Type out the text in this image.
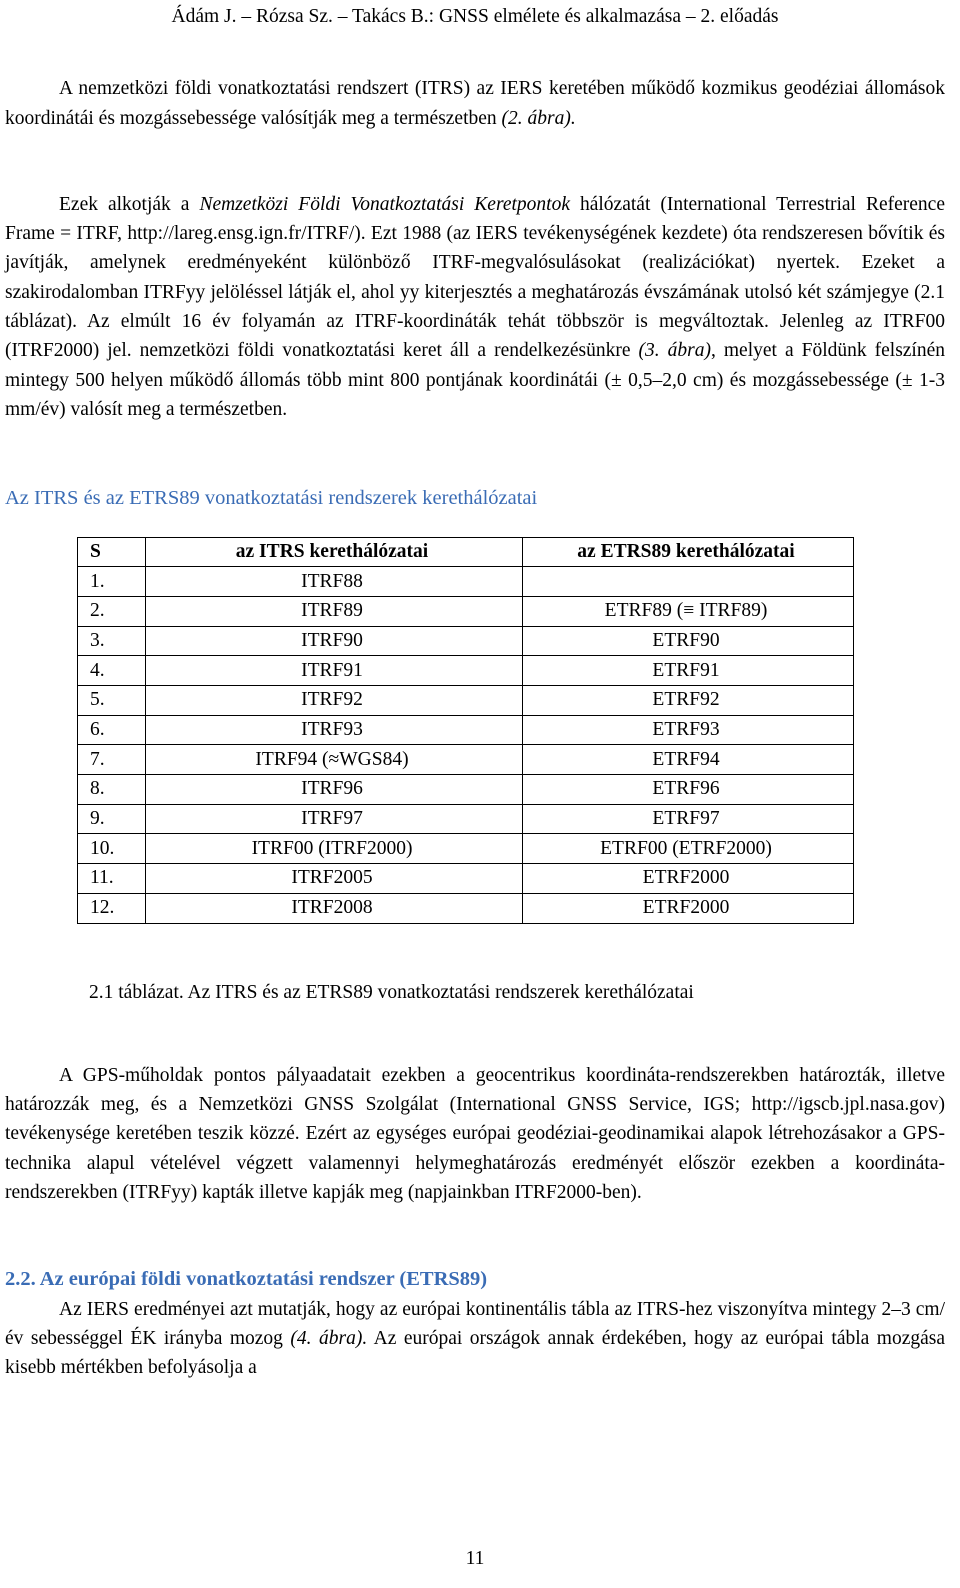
Ádám J. – Rózsa Sz. – Takács B.: GNSS elmélete és alkalmazása – 2. előadás

A nemzetközi földi vonatkoztatási rendszert (ITRS) az IERS keretében működő kozmikus geodéziai állomások koordinátái és mozgássebessége valósítják meg a természetben (2. ábra).

Ezek alkotják a Nemzetközi Földi Vonatkoztatási Keretpontok hálózatát (International Terrestrial Reference Frame = ITRF, http://lareg.ensg.ign.fr/ITRF/). Ezt 1988 (az IERS tevékenységének kezdete) óta rendszeresen bővítik és javítják, amelynek eredményeként különböző ITRF-megvalósulásokat (realizációkat) nyertek. Ezeket a szakirodalomban ITRFyy jelöléssel látják el, ahol yy kiterjesztés a meghatározás évszámának utolsó két számjegye (2.1 táblázat). Az elmúlt 16 év folyamán az ITRF-koordináták tehát többször is megváltoztak. Jelenleg az ITRF00 (ITRF2000) jel. nemzetközi földi vonatkoztatási keret áll a rendelkezésünkre (3. ábra), melyet a Földünk felszínén mintegy 500 helyen működő állomás több mint 800 pontjának koordinátái (± 0,5–2,0 cm) és mozgássebessége (± 1-3 mm/év) valósít meg a természetben.

Az ITRS és az ETRS89 vonatkoztatási rendszerek kerethálózatai
S	az ITRS kerethálózatai	az ETRS89 kerethálózatai
1.	ITRF88	
2.	ITRF89	ETRF89 (≡ ITRF89)
3.	ITRF90	ETRF90
4.	ITRF91	ETRF91
5.	ITRF92	ETRF92
6.	ITRF93	ETRF93
7.	ITRF94 (≈WGS84)	ETRF94
8.	ITRF96	ETRF96
9.	ITRF97	ETRF97
10.	ITRF00 (ITRF2000)	ETRF00 (ETRF2000)
11.	ITRF2005	ETRF2000
12.	ITRF2008	ETRF2000
2.1 táblázat. Az ITRS és az ETRS89 vonatkoztatási rendszerek kerethálózatai

A GPS-műholdak pontos pályaadatait ezekben a geocentrikus koordináta-rendszerekben határozták, illetve határozzák meg, és a Nemzetközi GNSS Szolgálat (International GNSS Service, IGS; http://igscb.jpl.nasa.gov) tevékenysége keretében teszik közzé. Ezért az egységes európai geodéziai-geodinamikai alapok létrehozásakor a GPS-technika alapul vételével végzett valamennyi helymeghatározás eredményét először ezekben a koordináta-rendszerekben (ITRFyy) kapták illetve kapják meg (napjainkban ITRF2000-ben).

2.2. Az európai földi vonatkoztatási rendszer (ETRS89)

Az IERS eredményei azt mutatják, hogy az európai kontinentális tábla az ITRS-hez viszonyítva mintegy 2–3 cm/év sebességgel ÉK irányba mozog (4. ábra). Az európai országok annak érdekében, hogy az európai tábla mozgása kisebb mértékben befolyásolja a

11
